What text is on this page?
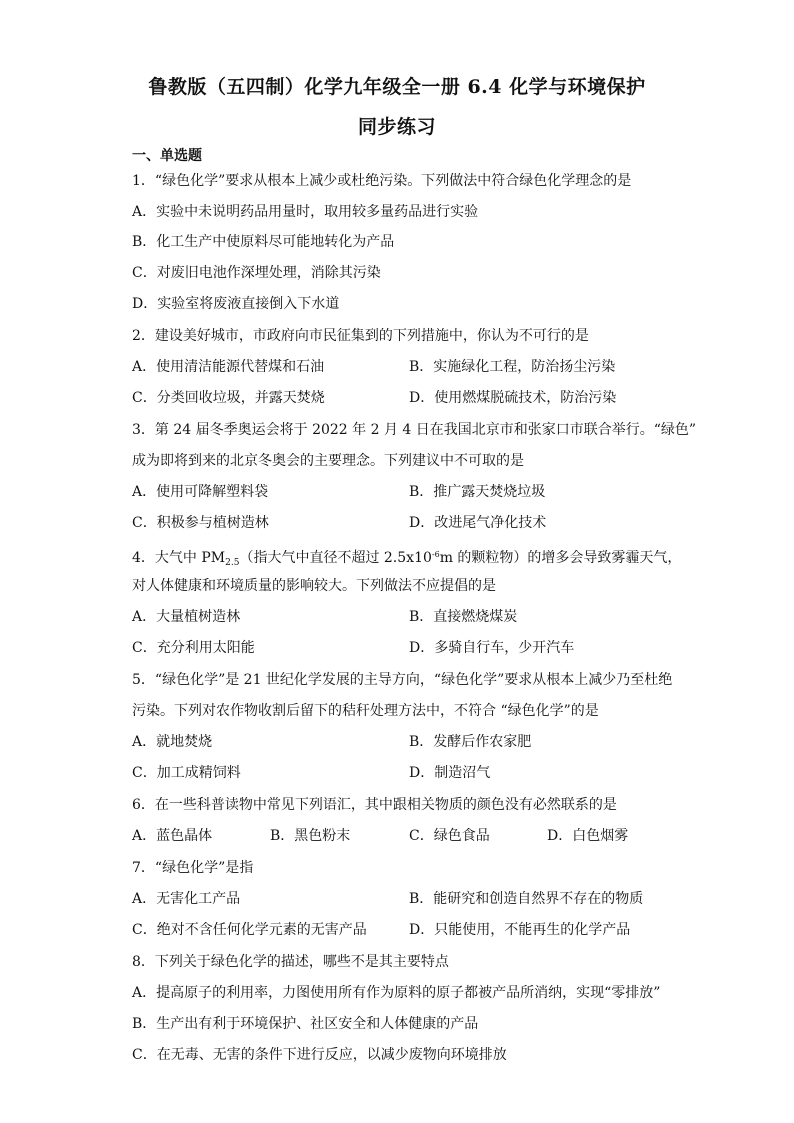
鲁教版（五四制）化学九年级全一册 6.4 化学与环境保护
同步练习
一、单选题
1．“绿色化学”要求从根本上减少或杜绝污染。下列做法中符合绿色化学理念的是
A．实验中未说明药品用量时，取用较多量药品进行实验
B．化工生产中使原料尽可能地转化为产品
C．对废旧电池作深埋处理，消除其污染
D．实验室将废液直接倒入下水道
2．建设美好城市，市政府向市民征集到的下列措施中，你认为不可行的是
A．使用清洁能源代替煤和石油	B．实施绿化工程，防治扬尘污染
C．分类回收垃圾，并露天焚烧	D．使用燃煤脱硫技术，防治污染
3．第 24 届冬季奥运会将于 2022 年 2 月 4 日在我国北京市和张家口市联合举行。“绿色”
成为即将到来的北京冬奥会的主要理念。下列建议中不可取的是
A．使用可降解塑料袋	B．推广露天焚烧垃圾
C．积极参与植树造林	D．改进尾气净化技术
4．大气中 $PM_{2.5}$（指大气中直径不超过 $2.5x10^{-6}m$ 的颗粒物）的增多会导致雾霾天气，
对人体健康和环境质量的影响较大。下列做法不应提倡的是
A．大量植树造林	B．直接燃烧煤炭
C．充分利用太阳能	D．多骑自行车，少开汽车
5．“绿色化学”是 21 世纪化学发展的主导方向，“绿色化学”要求从根本上减少乃至杜绝
污染。下列对农作物收割后留下的秸秆处理方法中，不符合 “绿色化学”的是
A．就地焚烧	B．发酵后作农家肥
C．加工成精饲料	D．制造沼气
6．在一些科普读物中常见下列语汇，其中跟相关物质的颜色没有必然联系的是
A．蓝色晶体	B．黑色粉末	C．绿色食品	D．白色烟雾
7．“绿色化学”是指
A．无害化工产品	B．能研究和创造自然界不存在的物质
C．绝对不含任何化学元素的无害产品	D．只能使用，不能再生的化学产品
8．下列关于绿色化学的描述，哪些不是其主要特点
A．提高原子的利用率，力图使用所有作为原料的原子都被产品所消纳，实现“零排放”
B．生产出有利于环境保护、社区安全和人体健康的产品
C．在无毒、无害的条件下进行反应，以减少废物向环境排放
